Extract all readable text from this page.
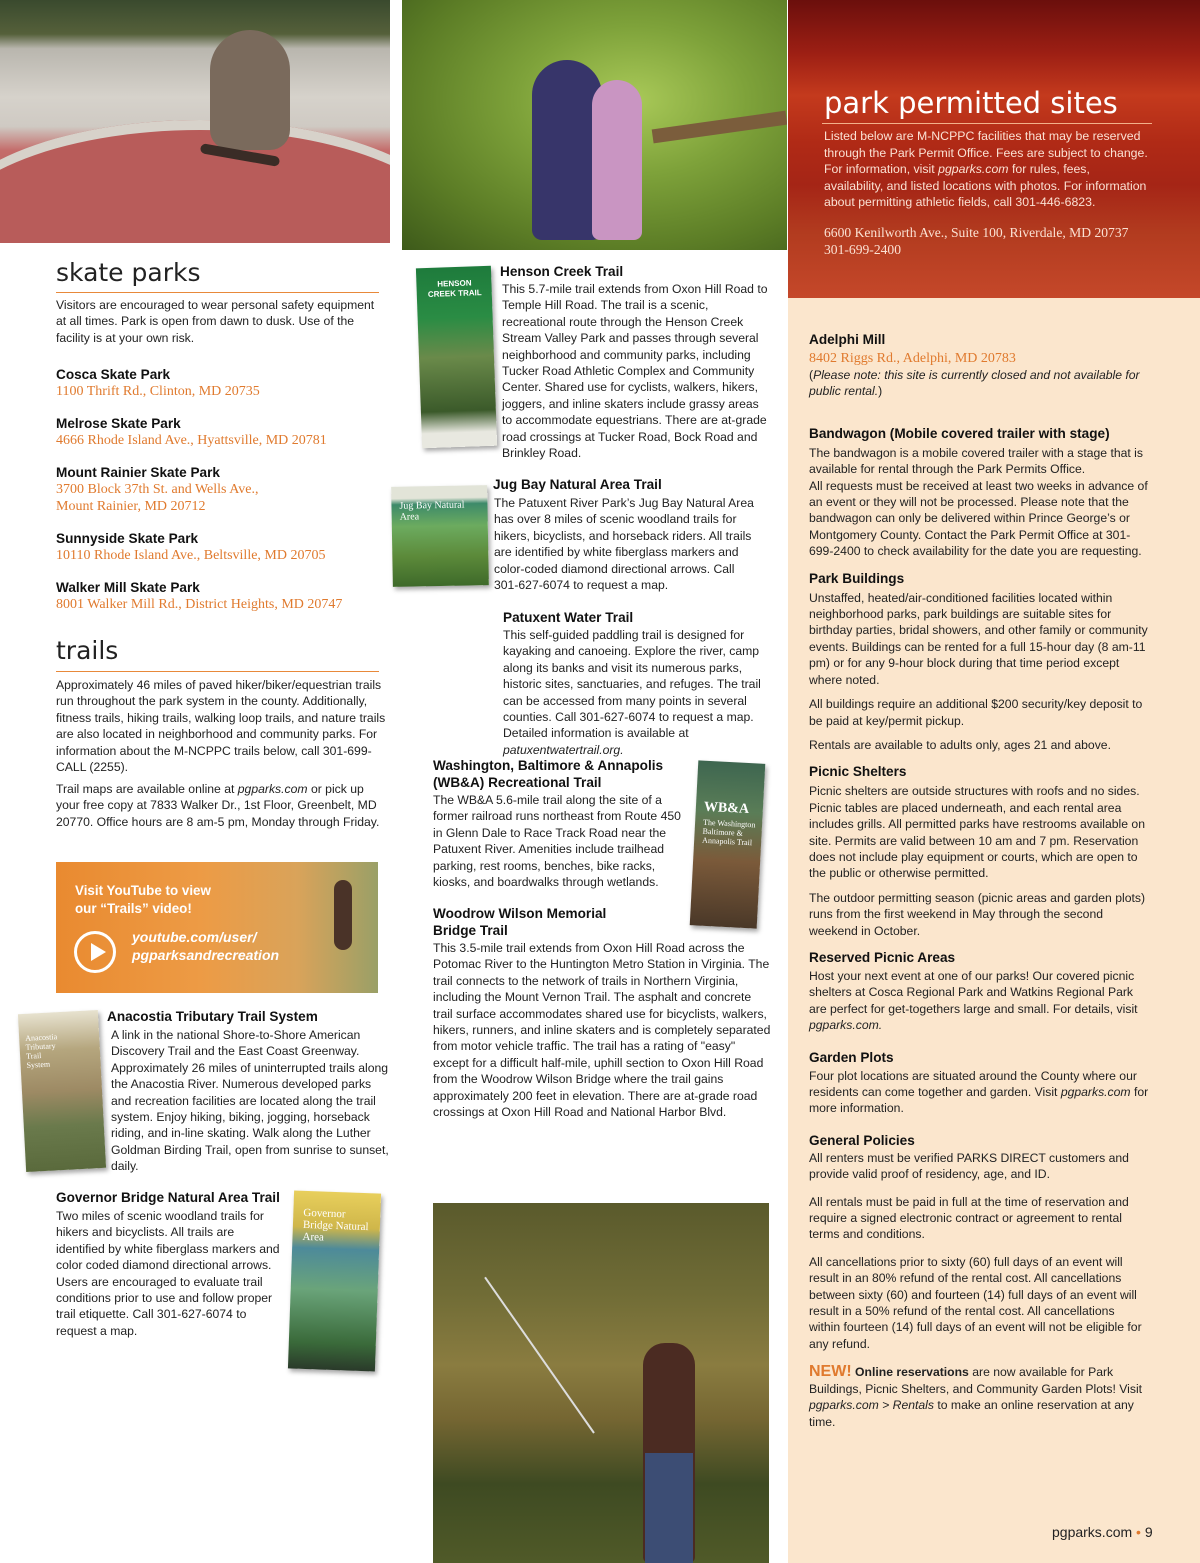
skate parks
Visitors are encouraged to wear personal safety equipment at all times. Park is open from dawn to dusk. Use of the facility is at your own risk.
Cosca Skate Park
1100 Thrift Rd., Clinton, MD 20735
Melrose Skate Park
4666 Rhode Island Ave., Hyattsville, MD 20781
Mount Rainier Skate Park
3700 Block 37th St. and Wells Ave.,
Mount Rainier, MD 20712
Sunnyside Skate Park
10110 Rhode Island Ave., Beltsville, MD 20705
Walker Mill Skate Park
8001 Walker Mill Rd., District Heights, MD 20747
trails
Approximately 46 miles of paved hiker/biker/equestrian trails run throughout the park system in the county. Additionally, fitness trails, hiking trails, walking loop trails, and nature trails are also located in neighborhood and community parks. For information about the M-NCPPC trails below, call 301-699-CALL (2255).
Trail maps are available online at pgparks.com or pick up your free copy at 7833 Walker Dr., 1st Floor, Greenbelt, MD 20770. Office hours are 8 am-5 pm, Monday through Friday.
Visit YouTube to view our “Trails” video!
youtube.com/user/
pgparksandrecreation
Anacostia Tributary Trail System
Anacostia Tributary Trail System
A link in the national Shore-to-Shore American Discovery Trail and the East Coast Greenway. Approximately 26 miles of uninterrupted trails along the Anacostia River. Numerous developed parks and recreation facilities are located along the trail system. Enjoy hiking, biking, jogging, horseback riding, and in-line skating. Walk along the Luther Goldman Birding Trail, open from sunrise to sunset, daily.
Governor Bridge Natural Area Trail
Two miles of scenic woodland trails for hikers and bicyclists. All trails are identified by white fiberglass markers and color coded diamond directional arrows. Users are encouraged to evaluate trail conditions prior to use and follow proper trail etiquette. Call 301-627-6074 to request a map.
Governor Bridge Natural Area
HENSON CREEK TRAIL
Henson Creek Trail
This 5.7-mile trail extends from Oxon Hill Road to Temple Hill Road. The trail is a scenic, recreational route through the Henson Creek Stream Valley Park and passes through several neighborhood and community parks, including Tucker Road Athletic Complex and Community Center. Shared use for cyclists, walkers, hikers, joggers, and inline skaters include grassy areas to accommodate equestrians. There are at-grade road crossings at Tucker Road, Bock Road and Brinkley Road.
Jug Bay Natural Area
Jug Bay Natural Area Trail
The Patuxent River Park’s Jug Bay Natural Area has over 8 miles of scenic woodland trails for hikers, bicyclists, and horseback riders. All trails are identified by white fiberglass markers and color-coded diamond directional arrows. Call 301-627-6074 to request a map.
Patuxent Water Trail
This self-guided paddling trail is designed for kayaking and canoeing. Explore the river, camp along its banks and visit its numerous parks, historic sites, sanctuaries, and refuges. The trail can be accessed from many points in several counties. Call 301-627-6074 to request a map. Detailed information is available at patuxentwatertrail.org.
Washington, Baltimore & Annapolis
(WB&A) Recreational Trail
The WB&A 5.6-mile trail along the site of a former railroad runs northeast from Route 450 in Glenn Dale to Race Track Road near the Patuxent River. Amenities include trailhead parking, rest rooms, benches, bike racks, kiosks, and boardwalks through wetlands.
WB&A
The Washington Baltimore & Annapolis Trail
Woodrow Wilson Memorial
Bridge Trail
This 3.5-mile trail extends from Oxon Hill Road across the Potomac River to the Huntington Metro Station in Virginia. The trail connects to the network of trails in Northern Virginia, including the Mount Vernon Trail. The asphalt and concrete trail surface accommodates shared use for bicyclists, walkers, hikers, runners, and inline skaters and is completely separated from motor vehicle traffic. The trail has a rating of "easy" except for a difficult half-mile, uphill section to Oxon Hill Road from the Woodrow Wilson Bridge where the trail gains approximately 200 feet in elevation. There are at-grade road crossings at Oxon Hill Road and National Harbor Blvd.
park permitted sites
Listed below are M-NCPPC facilities that may be reserved through the Park Permit Office. Fees are subject to change. For information, visit pgparks.com for rules, fees, availability, and listed locations with photos. For information about permitting athletic fields, call 301-446-6823.
6600 Kenilworth Ave., Suite 100, Riverdale, MD 20737
301-699-2400
Adelphi Mill
8402 Riggs Rd., Adelphi, MD 20783
(Please note: this site is currently closed and not available for public rental.)
Bandwagon (Mobile covered trailer with stage)
The bandwagon is a mobile covered trailer with a stage that is available for rental through the Park Permits Office.
All requests must be received at least two weeks in advance of an event or they will not be processed. Please note that the bandwagon can only be delivered within Prince George’s or Montgomery County. Contact the Park Permit Office at 301-699-2400 to check availability for the date you are requesting.
Park Buildings
Unstaffed, heated/air-conditioned facilities located within neighborhood parks, park buildings are suitable sites for birthday parties, bridal showers, and other family or community events. Buildings can be rented for a full 15-hour day (8 am-11 pm) or for any 9-hour block during that time period except where noted.
All buildings require an additional $200 security/key deposit to be paid at key/permit pickup.
Rentals are available to adults only, ages 21 and above.
Picnic Shelters
Picnic shelters are outside structures with roofs and no sides. Picnic tables are placed underneath, and each rental area includes grills. All permitted parks have restrooms available on site. Permits are valid between 10 am and 7 pm. Reservation does not include play equipment or courts, which are open to the public or otherwise permitted.
The outdoor permitting season (picnic areas and garden plots) runs from the first weekend in May through the second weekend in October.
Reserved Picnic Areas
Host your next event at one of our parks! Our covered picnic shelters at Cosca Regional Park and Watkins Regional Park are perfect for get-togethers large and small. For details, visit pgparks.com.
Garden Plots
Four plot locations are situated around the County where our residents can come together and garden. Visit pgparks.com for more information.
General Policies
All renters must be verified PARKS DIRECT customers and provide valid proof of residency, age, and ID.
All rentals must be paid in full at the time of reservation and require a signed electronic contract or agreement to rental terms and conditions.
All cancellations prior to sixty (60) full days of an event will result in an 80% refund of the rental cost. All cancellations between sixty (60) and fourteen (14) full days of an event will result in a 50% refund of the rental cost. All cancellations within fourteen (14) full days of an event will not be eligible for any refund.
NEW! Online reservations are now available for Park Buildings, Picnic Shelters, and Community Garden Plots! Visit pgparks.com > Rentals to make an online reservation at any time.
pgparks.com • 9
